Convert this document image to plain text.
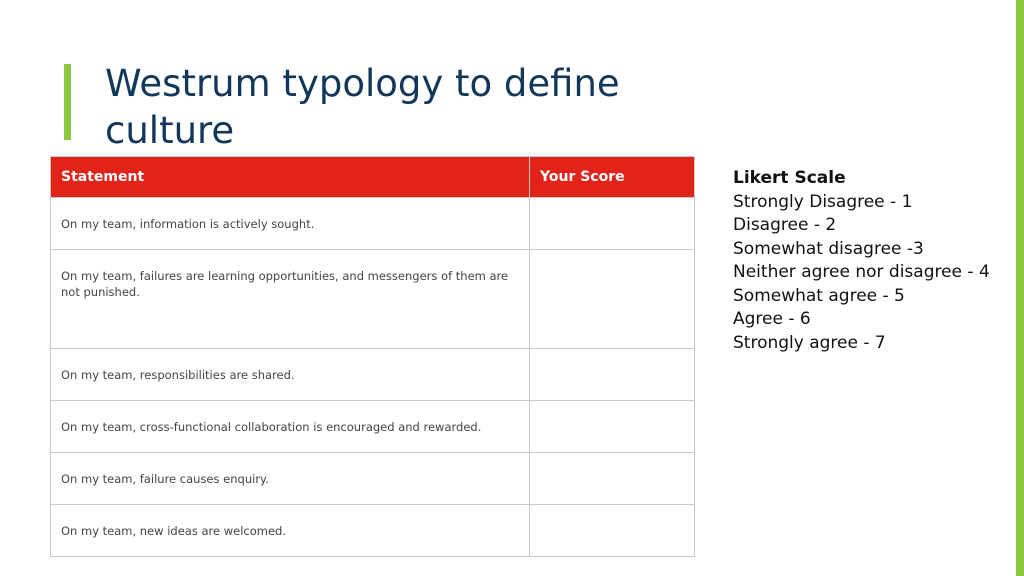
Westrum typology to define culture
Statement	Your Score
On my team, information is actively sought.	
On my team, failures are learning opportunities, and messengers of them are not punished.	
On my team, responsibilities are shared.	
On my team, cross-functional collaboration is encouraged and rewarded.	
On my team, failure causes enquiry.	
On my team, new ideas are welcomed.	
Likert Scale
Strongly Disagree - 1
Disagree - 2
Somewhat disagree -3
Neither agree nor disagree - 4
Somewhat agree - 5
Agree - 6
Strongly agree - 7
